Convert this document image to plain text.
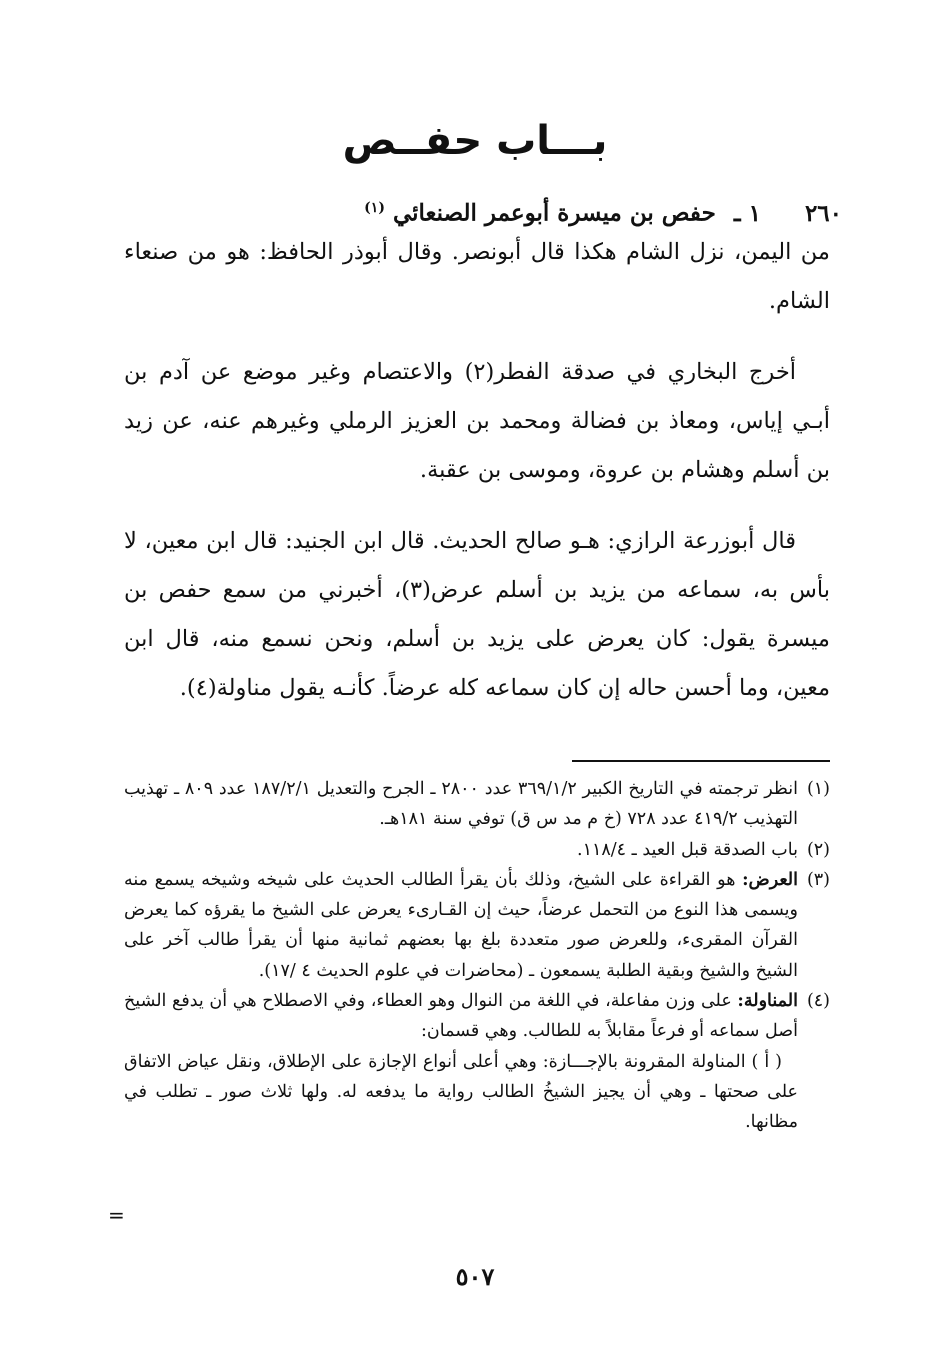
بـــاب حفــص
٢٦٠ ١ ـ حفص بن ميسرة أبوعمر الصنعائي $^{(١)}$

من اليمن، نزل الشام هكذا قال أبونصر. وقال أبوذر الحافظ: هو من صنعاء الشام.

أخرج البخاري في صدقة الفطر(٢) والاعتصام وغير موضع عن آدم بن أبـي إياس، ومعاذ بن فضالة ومحمد بن العزيز الرملي وغيرهم عنه، عن زيد بن أسلم وهشام بن عروة، وموسى بن عقبة.

قال أبوزرعة الرازي: هـو صالح الحديث. قال ابن الجنيد: قال ابن معين، لا بأس به، سماعه من يزيد بن أسلم عرض(٣)، أخبرني من سمع حفص بن ميسرة يقول: كان يعرض على يزيد بن أسلم، ونحن نسمع منه، قال ابن معين، وما أحسن حاله إن كان سماعه كله عرضاً. كأنـه يقول مناولة(٤).

(١)

انظر ترجمته في التاريخ الكبير ٣٦٩/١/٢ عدد ٢٨٠٠ ـ الجرح والتعديل ١٨٧/٢/١ عدد ٨٠٩ ـ تهذيب التهذيب ٤١٩/٢ عدد ٧٢٨ (خ م مد س ق) توفي سنة ١٨١هـ.

(٢)

باب الصدقة قبل العيد ـ ١١٨/٤.

(٣)

العرض: هو القراءة على الشيخ، وذلك بأن يقرأ الطالب الحديث على شيخه وشيخه يسمع منه ويسمى هذا النوع من التحمل عرضاً، حيث إن القـارىء يعرض على الشيخ ما يقرؤه كما يعرض القرآن المقرىء، وللعرض صور متعددة بلغ بها بعضهم ثمانية منها أن يقرأ طالب آخر على الشيخ والشيخ وبقية الطلبة يسمعون ـ (محاضرات في علوم الحديث ٤ /١٧).

(٤)

المناولة: على وزن مفاعلة، في اللغة من النوال وهو العطاء، وفي الاصطلاح هي أن يدفع الشيخ أصل سماعه أو فرعاً مقابلاً به للطالب. وهي قسمان:

( أ ) المناولة المقرونة بالإجـــازة: وهي أعلى أنواع الإجازة على الإطلاق، ونقل عياض الاتفاق على صحتها ـ وهي أن يجيز الشيخُ الطالب رواية ما يدفعه له. ولها ثلاث صور ـ تطلب في مظانها.

=
٥٠٧
